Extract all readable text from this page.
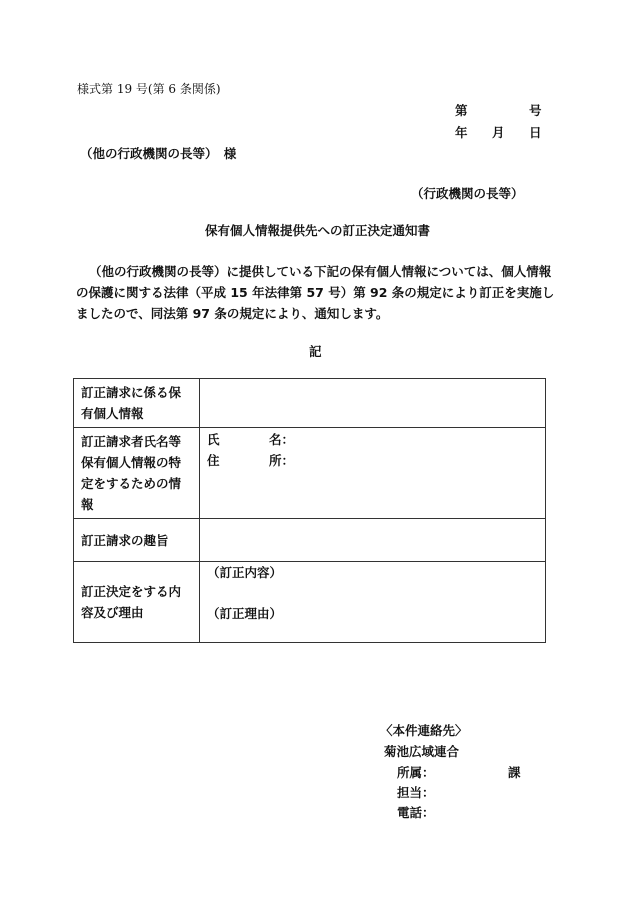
様式第 19 号(第 6 条関係)
第	号
年 月 日
（他の行政機関の長等）　様
（行政機関の長等）
保有個人情報提供先への訂正決定通知書

（他の行政機関の長等）に提供している下記の保有個人情報については、個人情報の保護に関する法律（平成 15 年法律第 57 号）第 92 条の規定により訂正を実施しましたので、同法第 97 条の規定により、通知します。

記
訂正請求に係る保有個人情報	
訂正請求者氏名等保有個人情報の特定をするための情報	氏 名：
住 所：

訂正請求の趣旨	
訂正決定をする内容及び理由	（訂正内容）
（訂正理由）
〈本件連絡先〉
菊池広域連合
所属：	課
担当：
電話：
